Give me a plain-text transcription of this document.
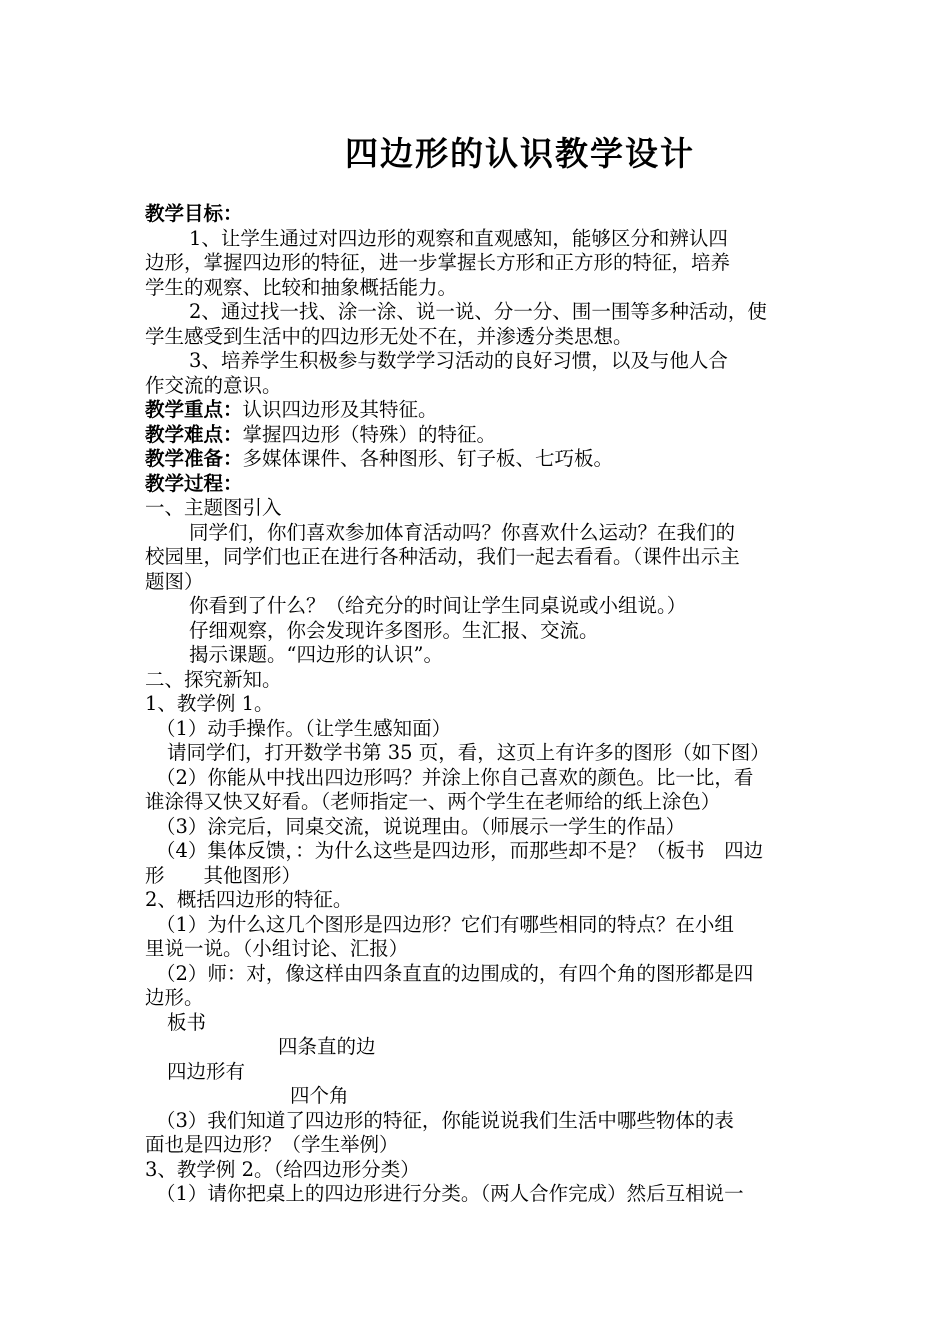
四边形的认识教学设计

教学目标：

1、让学生通过对四边形的观察和直观感知，能够区分和辨认四

边形，掌握四边形的特征，进一步掌握长方形和正方形的特征，培养

学生的观察、比较和抽象概括能力。

2、通过找一找、涂一涂、说一说、分一分、围一围等多种活动，使

学生感受到生活中的四边形无处不在，并渗透分类思想。

3、培养学生积极参与数学学习活动的良好习惯，以及与他人合

作交流的意识。

教学重点：认识四边形及其特征。

教学难点：掌握四边形（特殊）的特征。

教学准备：多媒体课件、各种图形、钉子板、七巧板。

教学过程：

一、主题图引入

同学们，你们喜欢参加体育活动吗？你喜欢什么运动？在我们的

校园里，同学们也正在进行各种活动，我们一起去看看。（课件出示主

题图）

你看到了什么？（给充分的时间让学生同桌说或小组说。）

仔细观察，你会发现许多图形。生汇报、交流。

揭示课题。“四边形的认识”。

二、探究新知。

1、教学例 1。

（1）动手操作。（让学生感知面）

请同学们，打开数学书第 35 页，看，这页上有许多的图形（如下图）

（2）你能从中找出四边形吗？并涂上你自己喜欢的颜色。比一比，看

谁涂得又快又好看。（老师指定一、两个学生在老师给的纸上涂色）

（3）涂完后，同桌交流，说说理由。（师展示一学生的作品）

（4）集体反馈，：为什么这些是四边形，而那些却不是？（板书　四边

形　　其他图形）

2、概括四边形的特征。

（1）为什么这几个图形是四边形？它们有哪些相同的特点？在小组

里说一说。（小组讨论、汇报）

（2）师：对，像这样由四条直直的边围成的，有四个角的图形都是四

边形。

板书

四条直的边

四边形有

四个角

（3）我们知道了四边形的特征，你能说说我们生活中哪些物体的表

面也是四边形？（学生举例）

3、教学例 2。（给四边形分类）

（1）请你把桌上的四边形进行分类。（两人合作完成）然后互相说一
